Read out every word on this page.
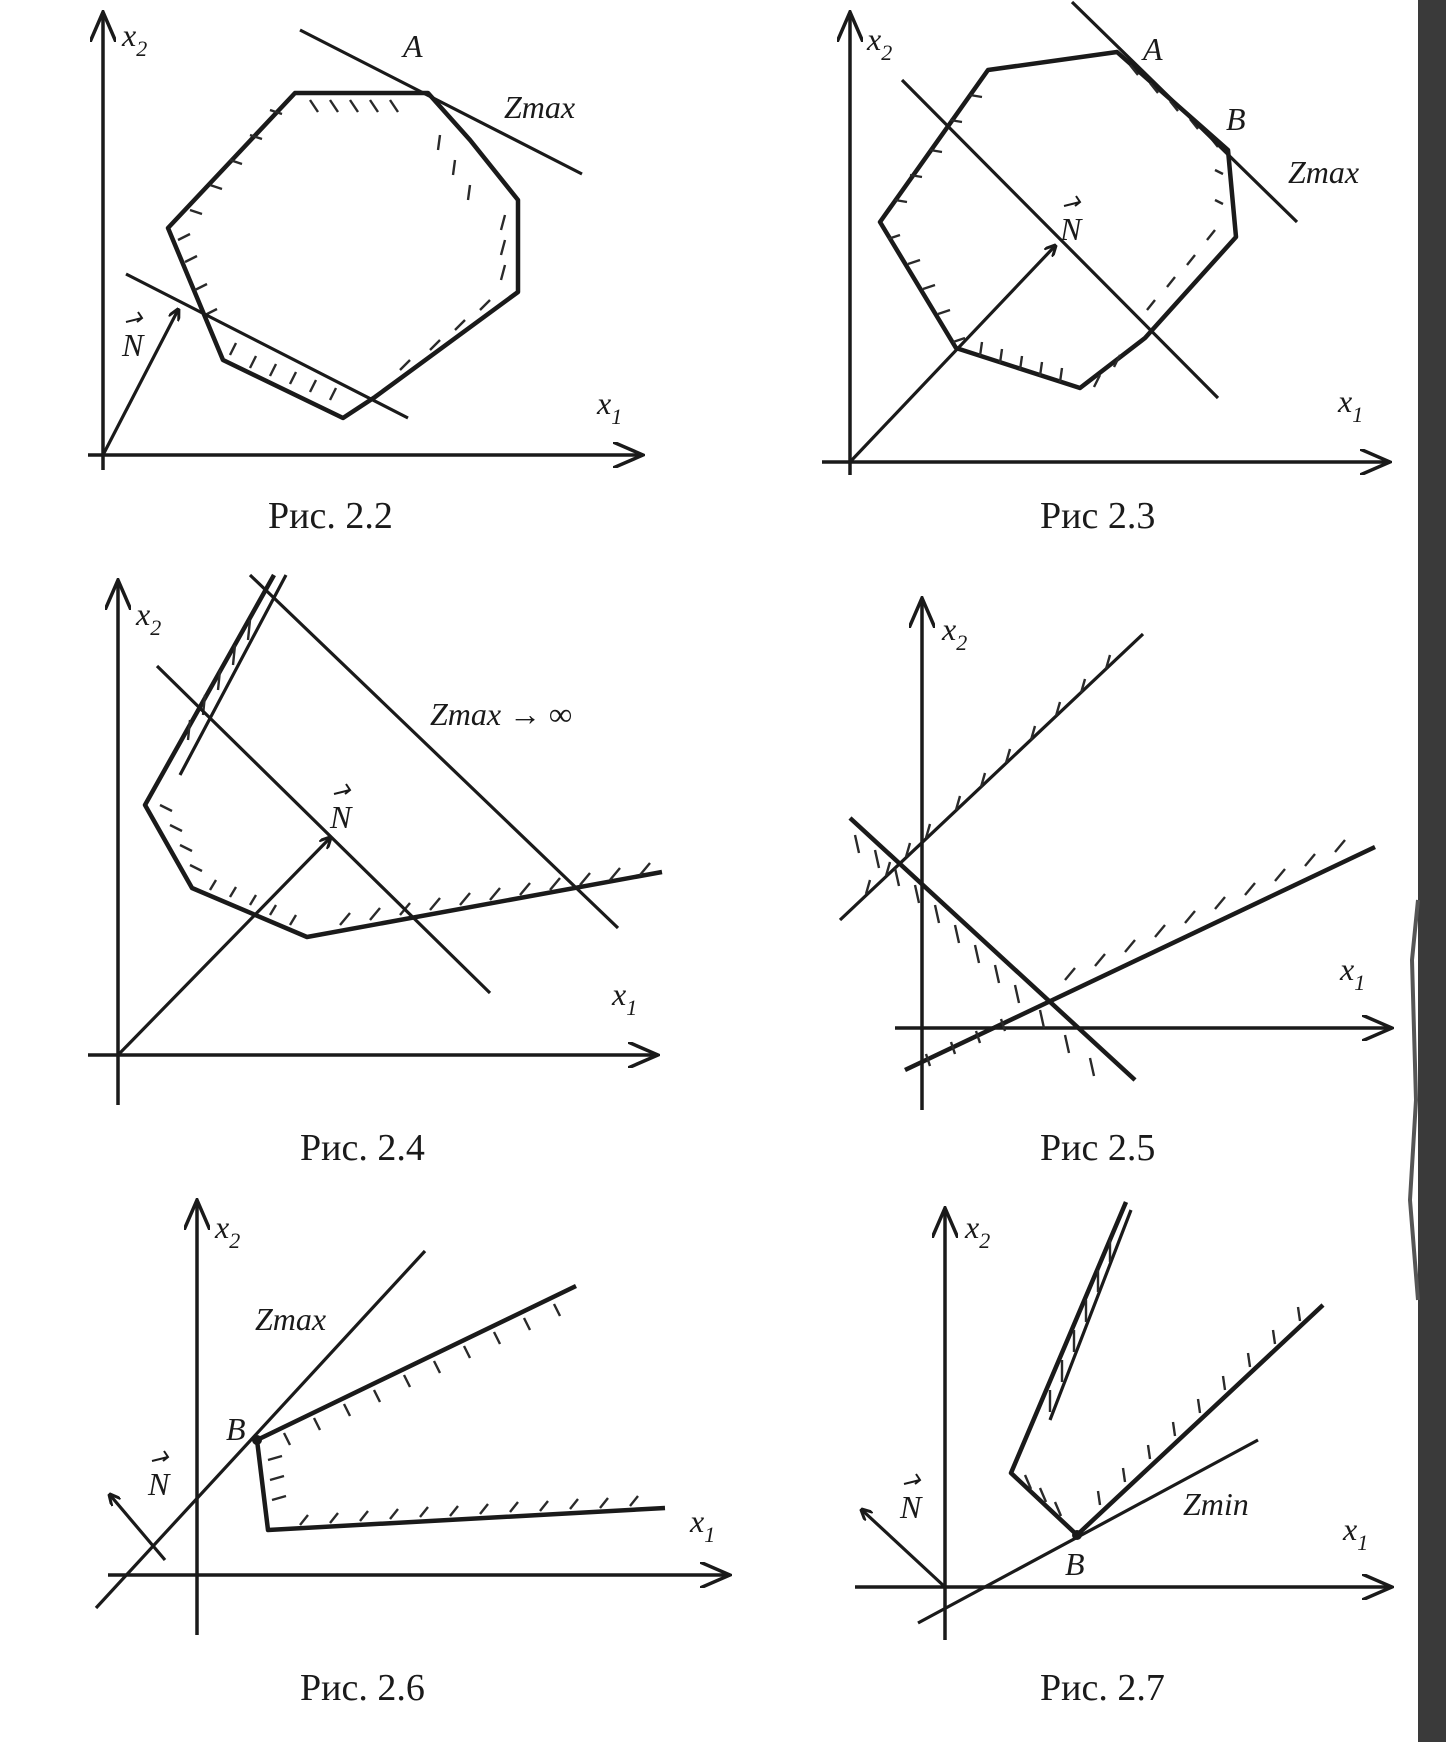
$x_2$
$x_1$
A
Zmax
N
Рис. 2.2
$x_2$
$x_1$
A
B
Zmax
N
Рис 2.3
$x_2$
$x_1$
Zmax → ∞
N
Рис. 2.4
$x_2$
$x_1$
Рис 2.5
$x_2$
$x_1$
Zmax
B
N
Рис. 2.6
$x_2$
$x_1$
Zmin
B
N
Рис. 2.7
